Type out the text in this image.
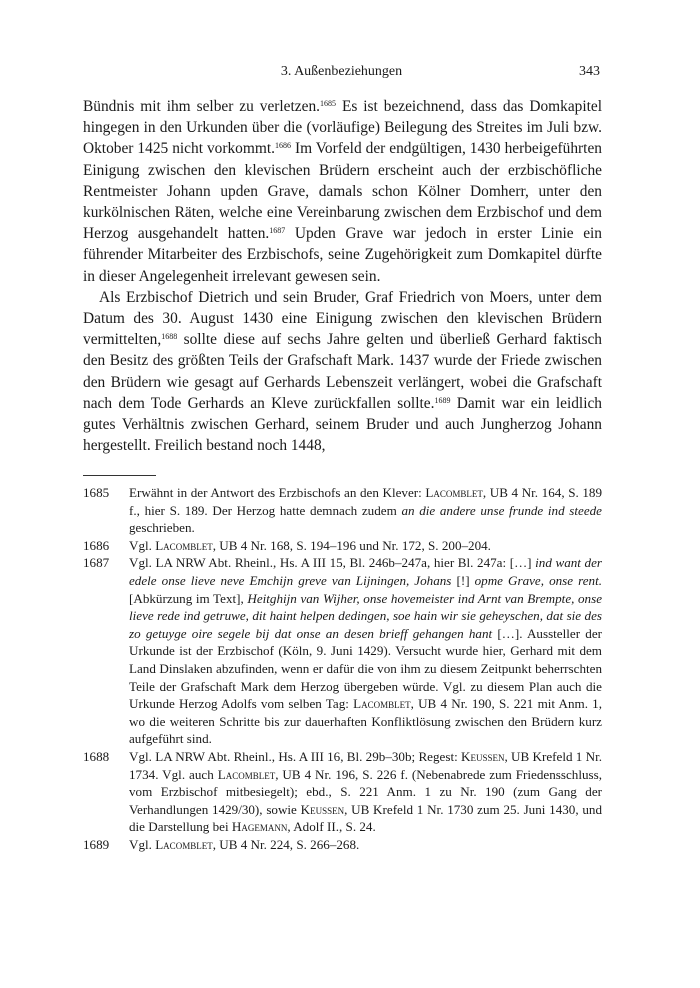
3. Außenbeziehungen	343

Bündnis mit ihm selber zu verletzen.$^{1685}$ Es ist bezeichnend, dass das Domkapitel hingegen in den Urkunden über die (vorläufige) Beilegung des Streites im Juli bzw. Oktober 1425 nicht vorkommt.$^{1686}$ Im Vorfeld der endgültigen, 1430 herbeigeführten Einigung zwischen den klevischen Brüdern erscheint auch der erzbischöfliche Rentmeister Johann upden Grave, damals schon Kölner Domherr, unter den kurkölnischen Räten, welche eine Vereinbarung zwischen dem Erzbischof und dem Herzog ausgehandelt hatten.$^{1687}$ Upden Grave war jedoch in erster Linie ein führender Mitarbeiter des Erzbischofs, seine Zugehörigkeit zum Domkapitel dürfte in dieser Angelegenheit irrelevant gewesen sein.

Als Erzbischof Dietrich und sein Bruder, Graf Friedrich von Moers, unter dem Datum des 30. August 1430 eine Einigung zwischen den klevischen Brüdern vermittelten,$^{1688}$ sollte diese auf sechs Jahre gelten und überließ Gerhard faktisch den Besitz des größten Teils der Grafschaft Mark. 1437 wurde der Friede zwischen den Brüdern wie gesagt auf Gerhards Lebenszeit verlängert, wobei die Grafschaft nach dem Tode Gerhards an Kleve zurückfallen sollte.$^{1689}$ Damit war ein leidlich gutes Verhältnis zwischen Gerhard, seinem Bruder und auch Jungherzog Johann hergestellt. Freilich bestand noch 1448,

1685 Erwähnt in der Antwort des Erzbischofs an den Klever: Lacomblet, UB 4 Nr. 164, S. 189 f., hier S. 189. Der Herzog hatte demnach zudem an die andere unse frunde ind steede geschrieben.
1686 Vgl. Lacomblet, UB 4 Nr. 168, S. 194–196 und Nr. 172, S. 200–204.
1687 Vgl. LA NRW Abt. Rheinl., Hs. A III 15, Bl. 246b–247a, hier Bl. 247a: […] ind want der edele onse lieve neve Emchijn greve van Lijningen, Johans [!] opme Grave, onse rent. [Abkürzung im Text], Heitghijn van Wijher, onse hovemeister ind Arnt van Brempte, onse lieve rede ind getruwe, dit haint helpen dedingen, soe hain wir sie geheyschen, dat sie des zo getuyge oire segele bij dat onse an desen brieff gehangen hant […]. Aussteller der Urkunde ist der Erzbischof (Köln, 9. Juni 1429). Versucht wurde hier, Gerhard mit dem Land Dinslaken abzufinden, wenn er dafür die von ihm zu diesem Zeitpunkt beherrschten Teile der Grafschaft Mark dem Herzog übergeben würde. Vgl. zu diesem Plan auch die Urkunde Herzog Adolfs vom selben Tag: Lacomblet, UB 4 Nr. 190, S. 221 mit Anm. 1, wo die weiteren Schritte bis zur dauerhaften Konfliktlösung zwischen den Brüdern kurz aufgeführt sind.
1688 Vgl. LA NRW Abt. Rheinl., Hs. A III 16, Bl. 29b–30b; Regest: Keussen, UB Krefeld 1 Nr. 1734. Vgl. auch Lacomblet, UB 4 Nr. 196, S. 226 f. (Nebenabrede zum Friedensschluss, vom Erzbischof mitbesiegelt); ebd., S. 221 Anm. 1 zu Nr. 190 (zum Gang der Verhandlungen 1429/30), sowie Keussen, UB Krefeld 1 Nr. 1730 zum 25. Juni 1430, und die Darstellung bei Hagemann, Adolf II., S. 24.
1689 Vgl. Lacomblet, UB 4 Nr. 224, S. 266–268.
